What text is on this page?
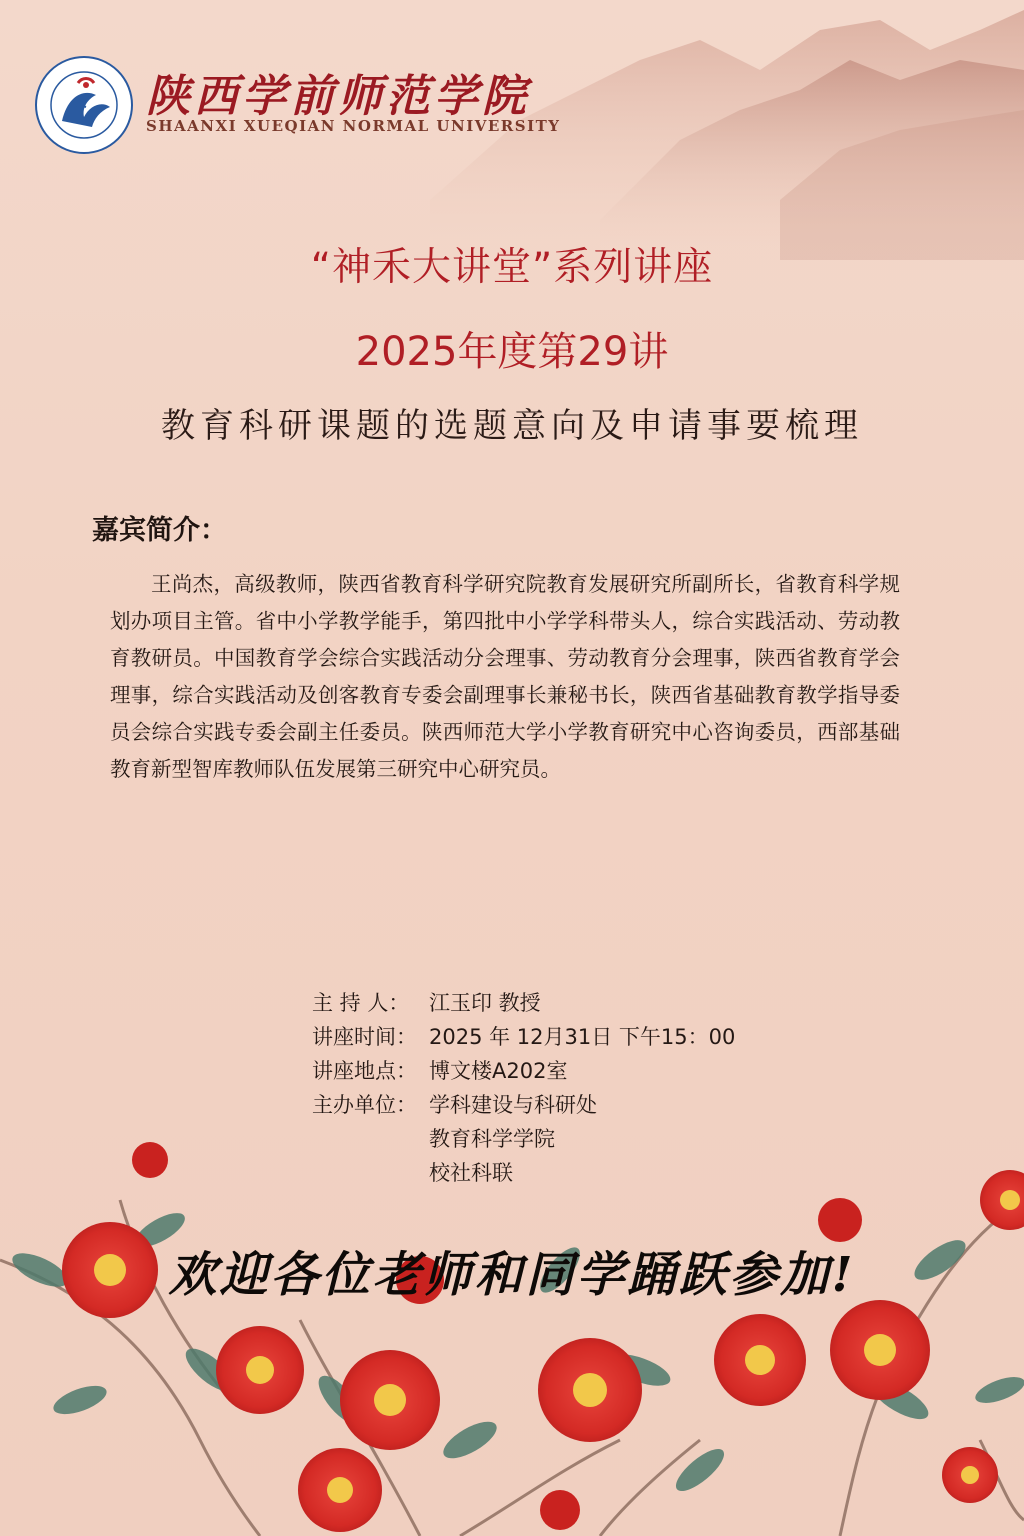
陕西学前师范学院
SHAANXI XUEQIAN NORMAL UNIVERSITY
“神禾大讲堂”系列讲座
2025年度第29讲
教育科研课题的选题意向及申请事要梳理
嘉宾简介：

王尚杰，高级教师，陕西省教育科学研究院教育发展研究所副所长，省教育科学规划办项目主管。省中小学教学能手，第四批中小学学科带头人，综合实践活动、劳动教育教研员。中国教育学会综合实践活动分会理事、劳动教育分会理事，陕西省教育学会理事，综合实践活动及创客教育专委会副理事长兼秘书长，陕西省基础教育教学指导委员会综合实践专委会副主任委员。陕西师范大学小学教育研究中心咨询委员，西部基础教育新型智库教师队伍发展第三研究中心研究员。

主 持 人： 江玉印 教授
讲座时间： 2025 年 12月31日 下午15：00
讲座地点： 博文楼A202室
主办单位： 学科建设与科研处
教育科学学院
校社科联
欢迎各位老师和同学踊跃参加!
